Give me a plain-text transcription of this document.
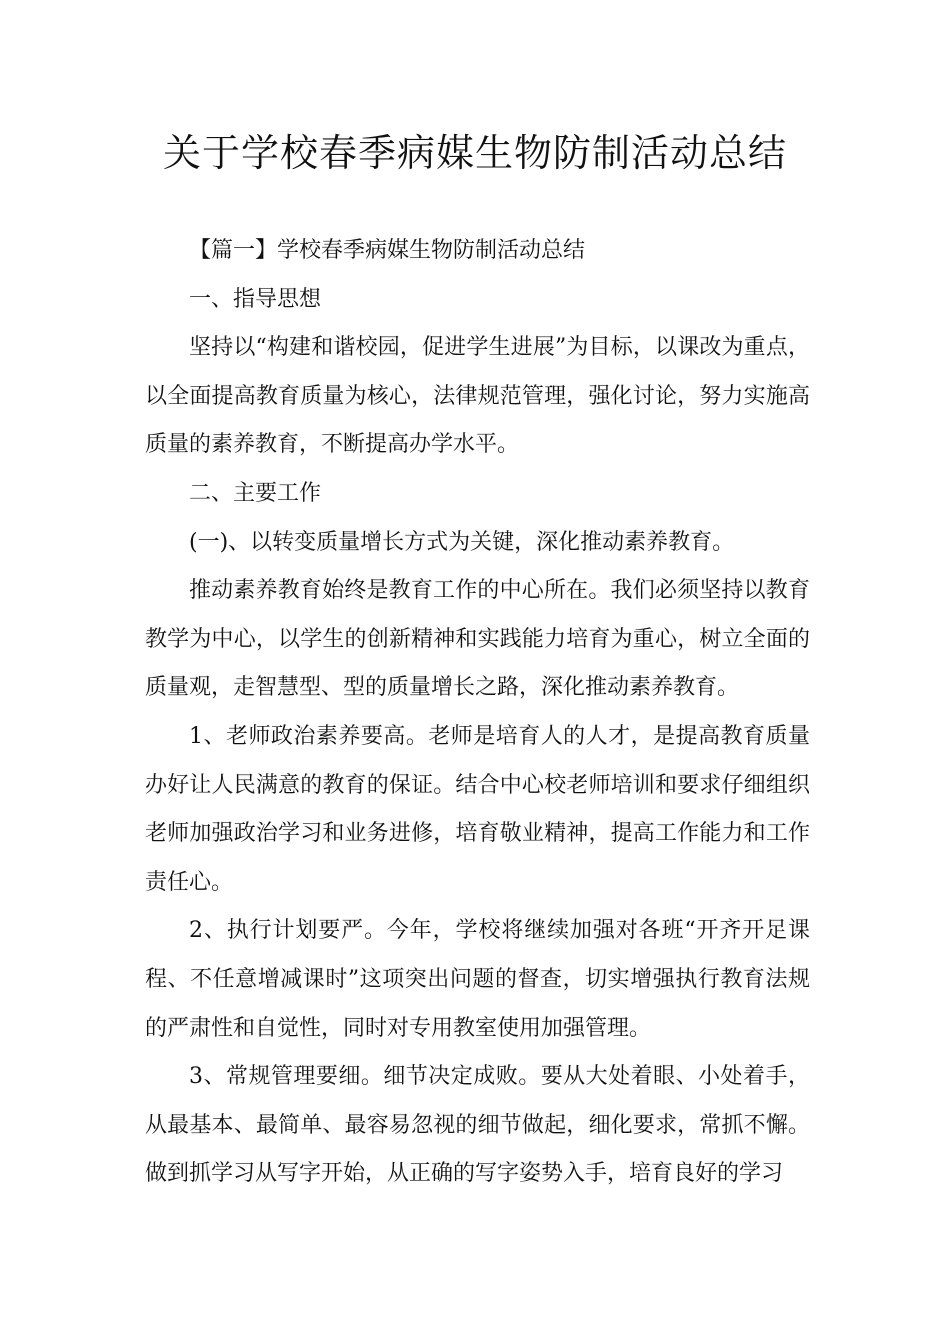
关于学校春季病媒生物防制活动总结

【篇一】学校春季病媒生物防制活动总结

一、指导思想

坚持以“构建和谐校园，促进学生进展”为目标，以课改为重点，以全面提高教育质量为核心，法律规范管理，强化讨论，努力实施高质量的素养教育，不断提高办学水平。

二、主要工作

(一)、以转变质量增长方式为关键，深化推动素养教育。

推动素养教育始终是教育工作的中心所在。我们必须坚持以教育教学为中心，以学生的创新精神和实践能力培育为重心，树立全面的质量观，走智慧型、型的质量增长之路，深化推动素养教育。

1、老师政治素养要高。老师是培育人的人才，是提高教育质量办好让人民满意的教育的保证。结合中心校老师培训和要求仔细组织老师加强政治学习和业务进修，培育敬业精神，提高工作能力和工作责任心。

2、执行计划要严。今年，学校将继续加强对各班“开齐开足课程、不任意增减课时”这项突出问题的督查，切实增强执行教育法规的严肃性和自觉性，同时对专用教室使用加强管理。

3、常规管理要细。细节决定成败。要从大处着眼、小处着手，从最基本、最简单、最容易忽视的细节做起，细化要求，常抓不懈。做到抓学习从写字开始，从正确的写字姿势入手，培育良好的学习
